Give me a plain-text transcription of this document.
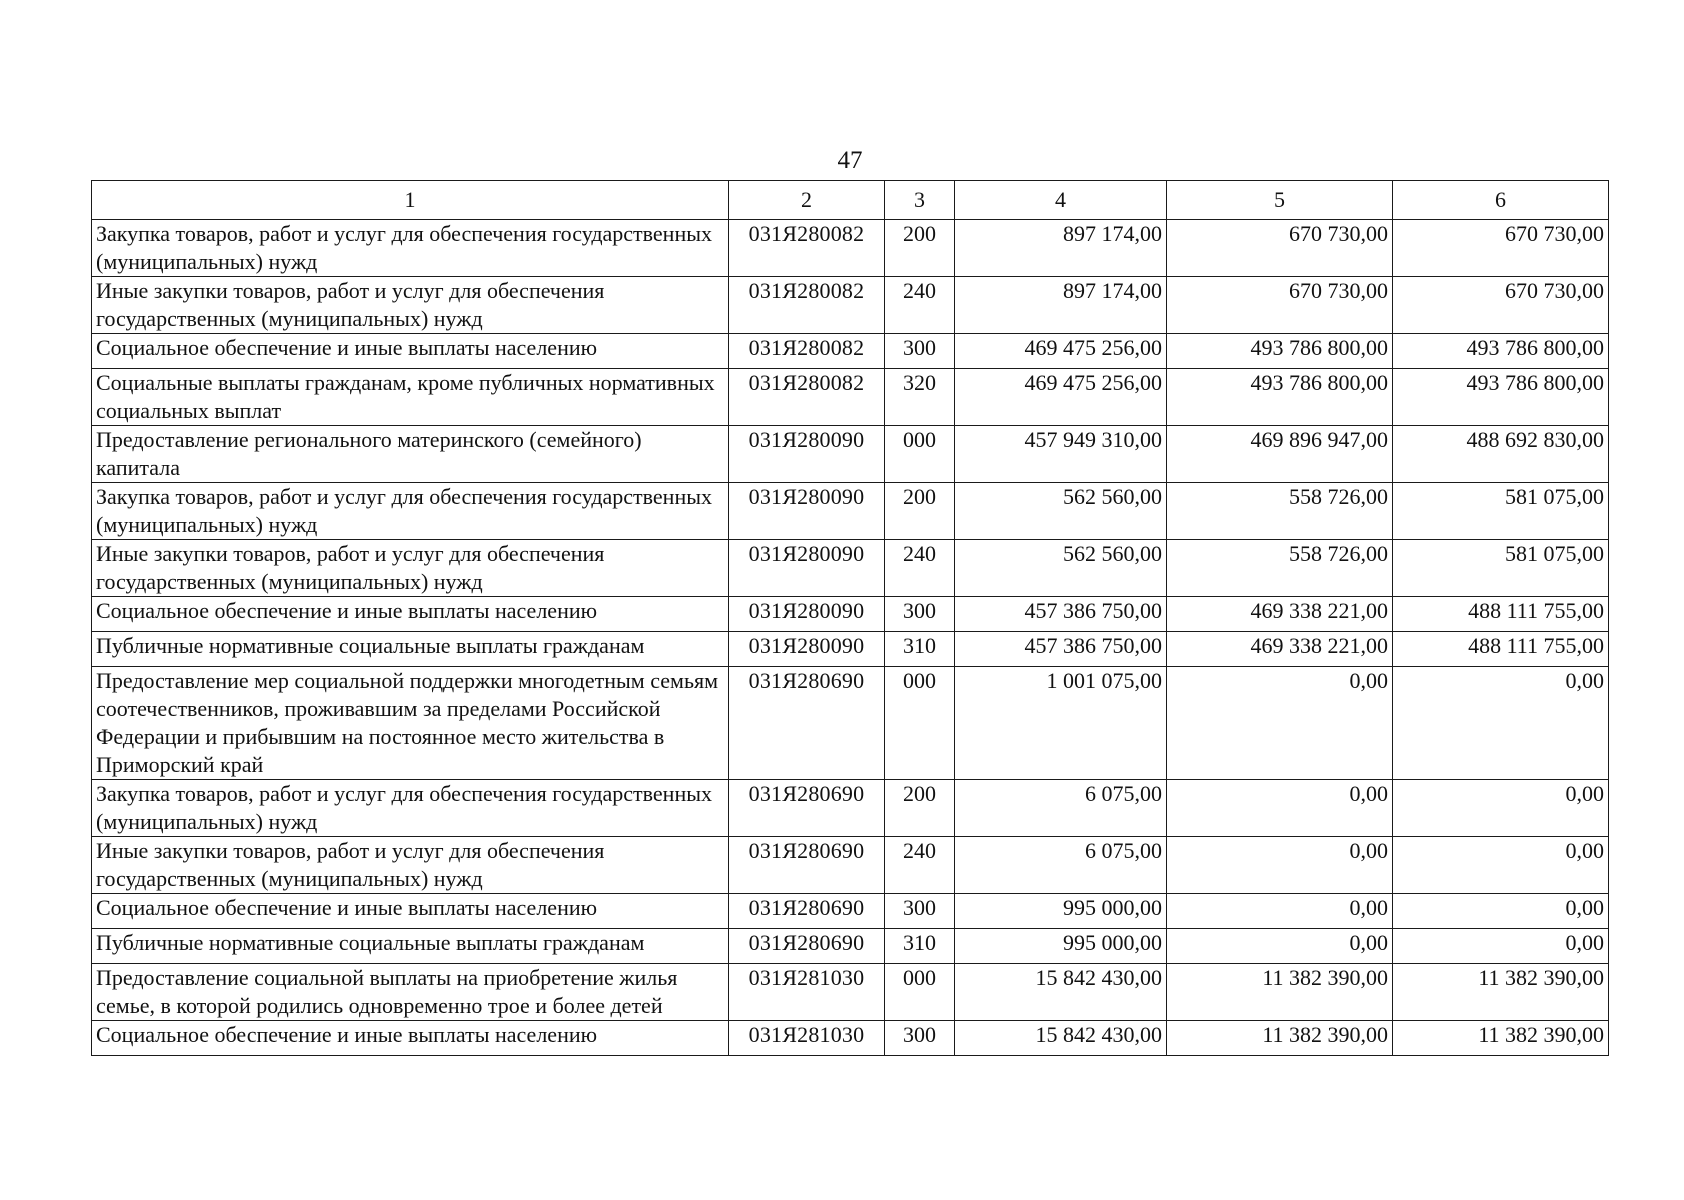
47
1	2	3	4	5	6
Закупка товаров, работ и услуг для обеспечения государственных (муниципальных) нужд	031Я280082	200	897 174,00	670 730,00	670 730,00
Иные закупки товаров, работ и услуг для обеспечения государственных (муниципальных) нужд	031Я280082	240	897 174,00	670 730,00	670 730,00
Социальное обеспечение и иные выплаты населению	031Я280082	300	469 475 256,00	493 786 800,00	493 786 800,00
Социальные выплаты гражданам, кроме публичных нормативных социальных выплат	031Я280082	320	469 475 256,00	493 786 800,00	493 786 800,00
Предоставление регионального материнского (семейного) капитала	031Я280090	000	457 949 310,00	469 896 947,00	488 692 830,00
Закупка товаров, работ и услуг для обеспечения государственных (муниципальных) нужд	031Я280090	200	562 560,00	558 726,00	581 075,00
Иные закупки товаров, работ и услуг для обеспечения государственных (муниципальных) нужд	031Я280090	240	562 560,00	558 726,00	581 075,00
Социальное обеспечение и иные выплаты населению	031Я280090	300	457 386 750,00	469 338 221,00	488 111 755,00
Публичные нормативные социальные выплаты гражданам	031Я280090	310	457 386 750,00	469 338 221,00	488 111 755,00
Предоставление мер социальной поддержки многодетным семьям соотечественников, проживавшим за пределами Российской Федерации и прибывшим на постоянное место жительства в Приморский край	031Я280690	000	1 001 075,00	0,00	0,00
Закупка товаров, работ и услуг для обеспечения государственных (муниципальных) нужд	031Я280690	200	6 075,00	0,00	0,00
Иные закупки товаров, работ и услуг для обеспечения государственных (муниципальных) нужд	031Я280690	240	6 075,00	0,00	0,00
Социальное обеспечение и иные выплаты населению	031Я280690	300	995 000,00	0,00	0,00
Публичные нормативные социальные выплаты гражданам	031Я280690	310	995 000,00	0,00	0,00
Предоставление социальной выплаты на приобретение жилья семье, в которой родились одновременно трое и более детей	031Я281030	000	15 842 430,00	11 382 390,00	11 382 390,00
Социальное обеспечение и иные выплаты населению	031Я281030	300	15 842 430,00	11 382 390,00	11 382 390,00
